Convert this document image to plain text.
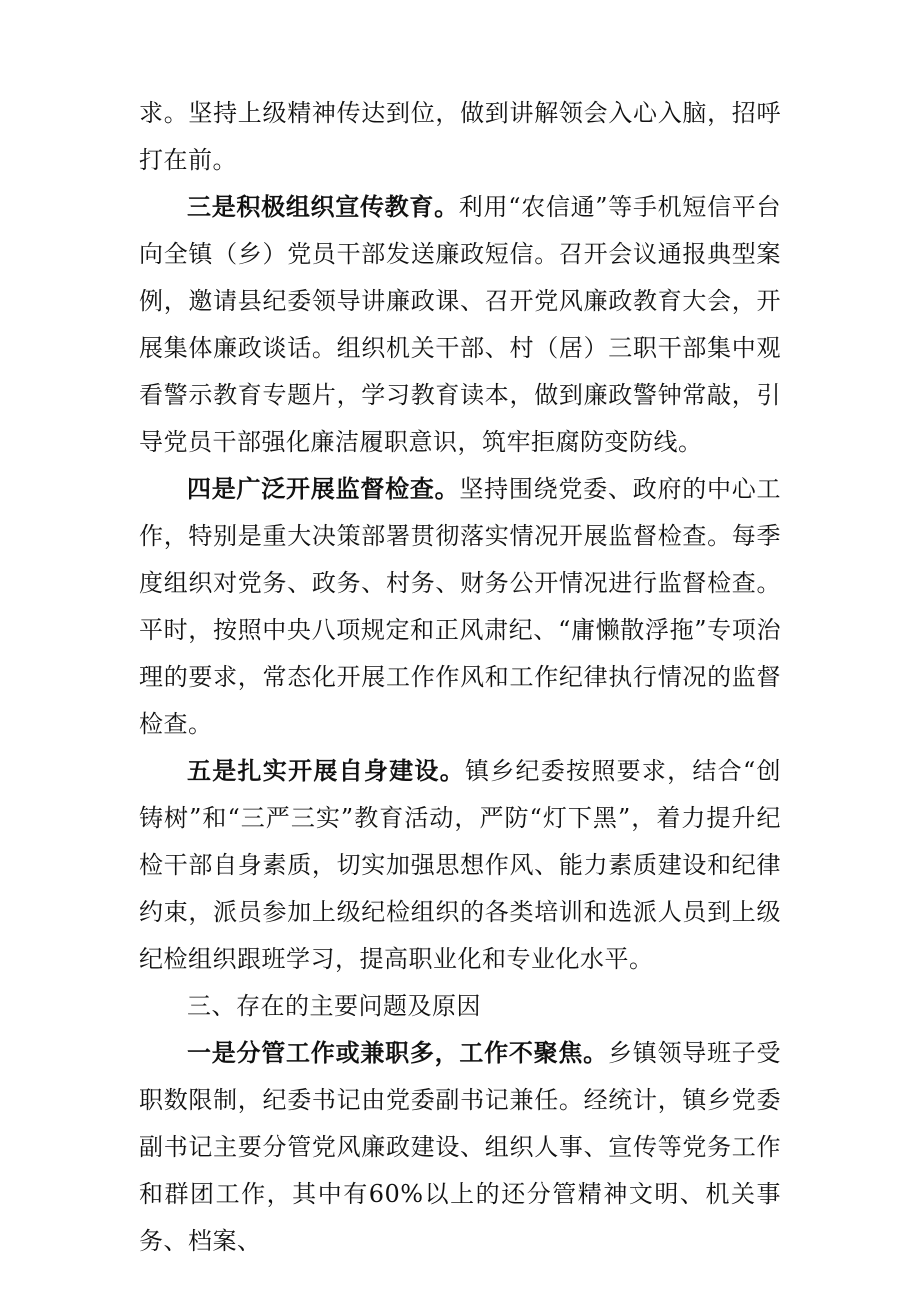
求。坚持上级精神传达到位，做到讲解领会入心入脑，招呼打在前。

三是积极组织宣传教育。利用“农信通”等手机短信平台向全镇（乡）党员干部发送廉政短信。召开会议通报典型案例，邀请县纪委领导讲廉政课、召开党风廉政教育大会，开展集体廉政谈话。组织机关干部、村（居）三职干部集中观看警示教育专题片，学习教育读本，做到廉政警钟常敲，引导党员干部强化廉洁履职意识，筑牢拒腐防变防线。

四是广泛开展监督检查。坚持围绕党委、政府的中心工作，特别是重大决策部署贯彻落实情况开展监督检查。每季度组织对党务、政务、村务、财务公开情况进行监督检查。平时，按照中央八项规定和正风肃纪、“庸懒散浮拖”专项治理的要求，常态化开展工作作风和工作纪律执行情况的监督检查。

五是扎实开展自身建设。镇乡纪委按照要求，结合“创铸树”和“三严三实”教育活动，严防“灯下黑”，着力提升纪检干部自身素质，切实加强思想作风、能力素质建设和纪律约束，派员参加上级纪检组织的各类培训和选派人员到上级纪检组织跟班学习，提高职业化和专业化水平。

三、存在的主要问题及原因

一是分管工作或兼职多，工作不聚焦。乡镇领导班子受职数限制，纪委书记由党委副书记兼任。经统计，镇乡党委副书记主要分管党风廉政建设、组织人事、宣传等党务工作和群团工作，其中有60%以上的还分管精神文明、机关事务、档案、
